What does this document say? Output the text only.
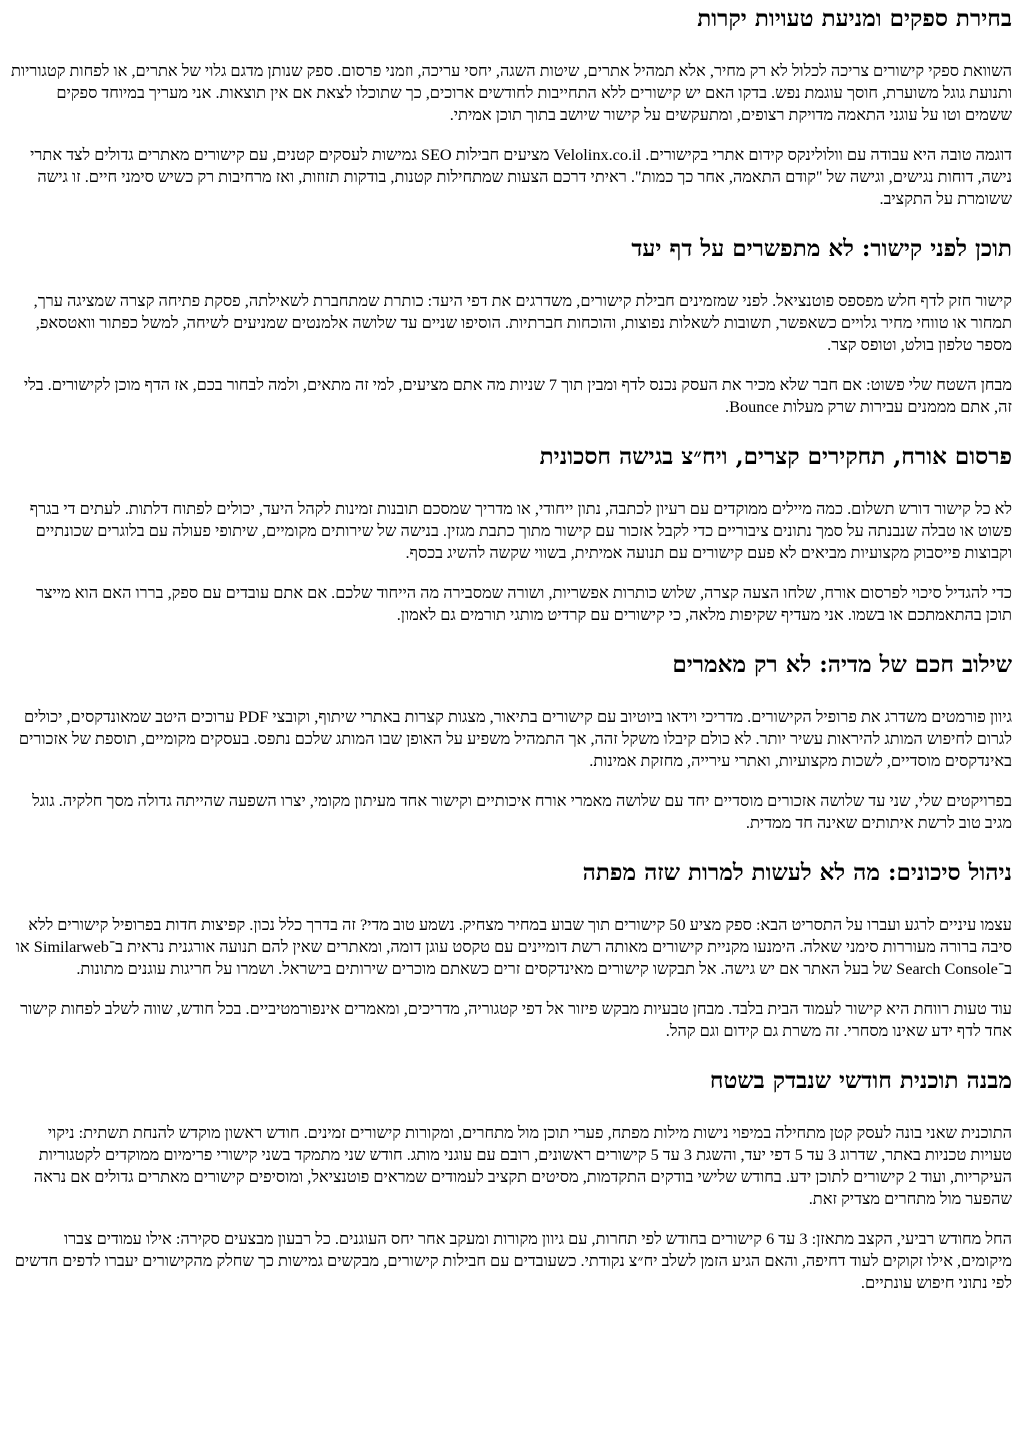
בחירת ספקים ומניעת טעויות יקרות

השוואת ספקי קישורים צריכה לכלול לא רק מחיר, אלא תמהיל אתרים, שיטות השגה, יחסי עריכה, וזמני פרסום. ספק שנותן מדגם גלוי של אתרים, או לפחות קטגוריות ותנועת גוגל משוערת, חוסך עוגמת נפש. בדקו האם יש קישורים ללא התחייבות לחודשים ארוכים, כך שתוכלו לצאת אם אין תוצאות. אני מעריך במיוחד ספקים ששמים וטו על עוגני התאמה מדויקת רצופים, ומתעקשים על קישור שיושב בתוך תוכן אמיתי.

דוגמה טובה היא עבודה עם וולולינקס קידום אתרי בקישורים. Velolinx.co.il מציעים חבילות SEO גמישות לעסקים קטנים, עם קישורים מאתרים גדולים לצד אתרי נישה, דוחות נגישים, וגישה של "קודם התאמה, אחר כך כמות". ראיתי דרכם הצעות שמתחילות קטנות, בודקות תזוזות, ואז מרחיבות רק כשיש סימני חיים. זו גישה ששומרת על התקציב.

תוכן לפני קישור: לא מתפשרים על דף יעד

קישור חזק לדף חלש מפספס פוטנציאל. לפני שמזמינים חבילת קישורים, משדרגים את דפי היעד: כותרת שמתחברת לשאילתה, פסקת פתיחה קצרה שמציגה ערך, תמחור או טווחי מחיר גלויים כשאפשר, תשובות לשאלות נפוצות, והוכחות חברתיות. הוסיפו שניים עד שלושה אלמנטים שמניעים לשיחה, למשל כפתור וואטסאפ, מספר טלפון בולט, וטופס קצר.

מבחן השטח שלי פשוט: אם חבר שלא מכיר את העסק נכנס לדף ומבין תוך 7 שניות מה אתם מציעים, למי זה מתאים, ולמה לבחור בכם, אז הדף מוכן לקישורים. בלי זה, אתם מממנים עבירות שרק מעלות Bounce.

פרסום אורח, תחקירים קצרים, ויח״צ בגישה חסכונית

לא כל קישור דורש תשלום. כמה מיילים ממוקדים עם רעיון לכתבה, נתון ייחודי, או מדריך שמסכם תובנות זמינות לקהל היעד, יכולים לפתוח דלתות. לעתים די בגרף פשוט או טבלה שנבנתה על סמך נתונים ציבוריים כדי לקבל אזכור עם קישור מתוך כתבת מגזין. בנישה של שירותים מקומיים, שיתופי פעולה עם בלוגרים שכונתיים וקבוצות פייסבוק מקצועיות מביאים לא פעם קישורים עם תנועה אמיתית, בשווי שקשה להשיג בכסף.

כדי להגדיל סיכוי לפרסום אורח, שלחו הצעה קצרה, שלוש כותרות אפשריות, ושורה שמסבירה מה הייחוד שלכם. אם אתם עובדים עם ספק, בררו האם הוא מייצר תוכן בהתאמתכם או בשמו. אני מעדיף שקיפות מלאה, כי קישורים עם קרדיט מותגי תורמים גם לאמון.

שילוב חכם של מדיה: לא רק מאמרים

גיוון פורמטים משדרג את פרופיל הקישורים. מדריכי וידאו ביוטיוב עם קישורים בתיאור, מצגות קצרות באתרי שיתוף, וקובצי PDF ערוכים היטב שמאונדקסים, יכולים לגרום לחיפוש המותג להיראות עשיר יותר. לא כולם קיבלו משקל זהה, אך התמהיל משפיע על האופן שבו המותג שלכם נתפס. בעסקים מקומיים, תוספת של אזכורים באינדקסים מוסדיים, לשכות מקצועיות, ואתרי עירייה, מחזקת אמינות.

בפרויקטים שלי, שני עד שלושה אזכורים מוסדיים יחד עם שלושה מאמרי אורח איכותיים וקישור אחד מעיתון מקומי, יצרו השפעה שהייתה גדולה מסך חלקיה. גוגל מגיב טוב לרשת איתותים שאינה חד ממדית.

ניהול סיכונים: מה לא לעשות למרות שזה מפתה

עצמו עיניים לרגע ועברו על התסריט הבא: ספק מציע 50 קישורים תוך שבוע במחיר מצחיק. נשמע טוב מדי? זה בדרך כלל נכון. קפיצות חדות בפרופיל קישורים ללא סיבה ברורה מעוררות סימני שאלה. הימנעו מקניית קישורים מאותה רשת דומיינים עם טקסט עוגן דומה, ומאתרים שאין להם תנועה אורגנית נראית ב־Similarweb או ב־Search Console של בעל האתר אם יש גישה. אל תבקשו קישורים מאינדקסים זרים כשאתם מוכרים שירותים בישראל. ושמרו על חריגות עוגנים מתונות.

עוד טעות רווחת היא קישור לעמוד הבית בלבד. מבחן טבעיות מבקש פיזור אל דפי קטגוריה, מדריכים, ומאמרים אינפורמטיביים. בכל חודש, שווה לשלב לפחות קישור אחד לדף ידע שאינו מסחרי. זה משרת גם קידום וגם קהל.

מבנה תוכנית חודשי שנבדק בשטח

התוכנית שאני בונה לעסק קטן מתחילה במיפוי נישות מילות מפתח, פערי תוכן מול מתחרים, ומקורות קישורים זמינים. חודש ראשון מוקדש להנחת תשתית: ניקוי טעויות טכניות באתר, שדרוג 3 עד 5 דפי יעד, והשגת 3 עד 5 קישורים ראשונים, רובם עם עוגני מותג. חודש שני מתמקד בשני קישורי פרימיום ממוקדים לקטגוריות העיקריות, ועוד 2 קישורים לתוכן ידע. בחודש שלישי בודקים התקדמות, מסיטים תקציב לעמודים שמראים פוטנציאל, ומוסיפים קישורים מאתרים גדולים אם נראה שהפער מול מתחרים מצדיק זאת.

החל מחודש רביעי, הקצב מתאזן: 3 עד 6 קישורים בחודש לפי תחרות, עם גיוון מקורות ומעקב אחר יחס העוגנים. כל רבעון מבצעים סקירה: אילו עמודים צברו מיקומים, אילו זקוקים לעוד דחיפה, והאם הגיע הזמן לשלב יח״צ נקודתי. כשעובדים עם חבילות קישורים, מבקשים גמישות כך שחלק מהקישורים יעברו לדפים חדשים לפי נתוני חיפוש עונתיים.
